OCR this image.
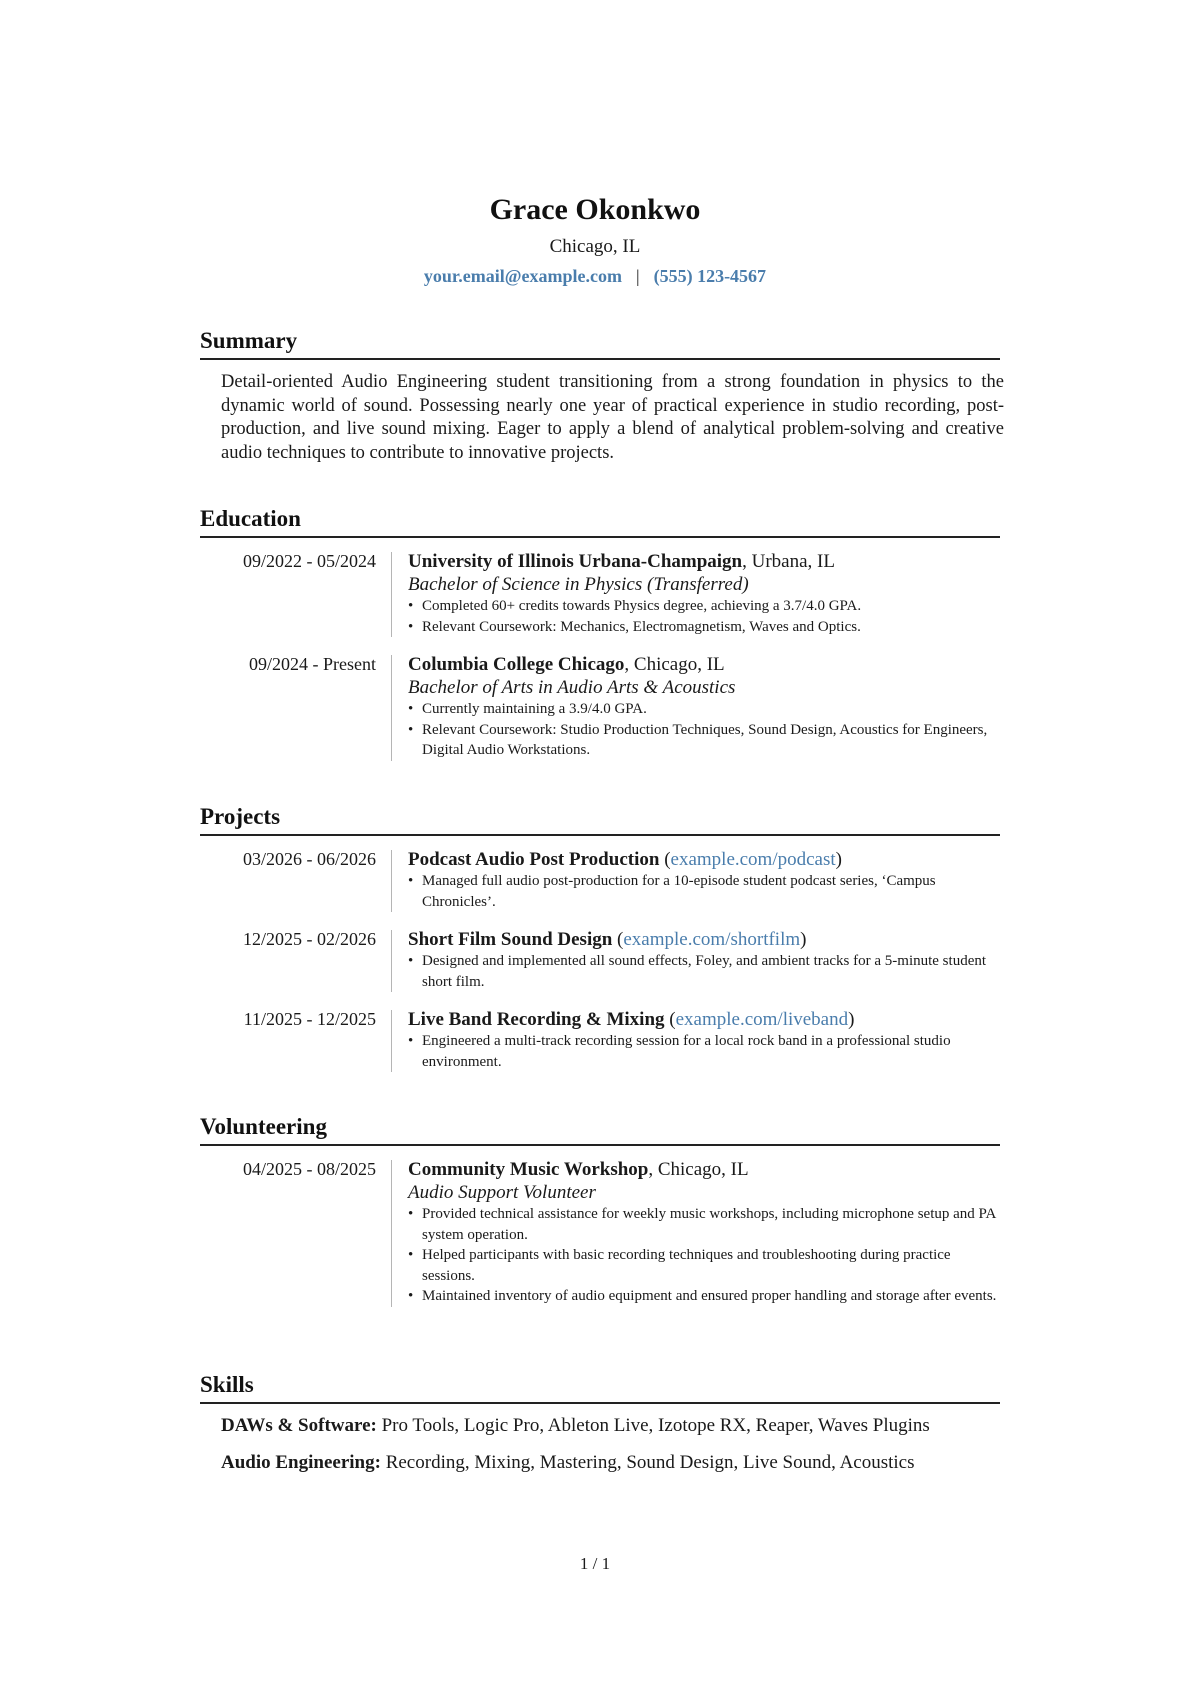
Grace Okonkwo
Chicago, IL
your.email@example.com | (555) 123-4567
Summary
Detail-oriented Audio Engineering student transitioning from a strong foundation in physics to the dynamic world of sound. Possessing nearly one year of practical experience in studio recording, post-production, and live sound mixing. Eager to apply a blend of analytical problem-solving and creative audio techniques to contribute to innovative projects.
Education
09/2022 - 05/2024 University of Illinois Urbana-Champaign, Urbana, IL
Bachelor of Science in Physics (Transferred)
• Completed 60+ credits towards Physics degree, achieving a 3.7/4.0 GPA.
• Relevant Coursework: Mechanics, Electromagnetism, Waves and Optics.
09/2024 - Present Columbia College Chicago, Chicago, IL
Bachelor of Arts in Audio Arts & Acoustics
• Currently maintaining a 3.9/4.0 GPA.
• Relevant Coursework: Studio Production Techniques, Sound Design, Acoustics for Engineers, Digital Audio Workstations.
Projects
03/2026 - 06/2026 Podcast Audio Post Production (example.com/podcast)
• Managed full audio post-production for a 10-episode student podcast series, ‘Campus Chronicles’.
12/2025 - 02/2026 Short Film Sound Design (example.com/shortfilm)
• Designed and implemented all sound effects, Foley, and ambient tracks for a 5-minute student short film.
11/2025 - 12/2025 Live Band Recording & Mixing (example.com/liveband)
• Engineered a multi-track recording session for a local rock band in a professional studio environment.
Volunteering
04/2025 - 08/2025 Community Music Workshop, Chicago, IL
Audio Support Volunteer
• Provided technical assistance for weekly music workshops, including microphone setup and PA system operation.
• Helped participants with basic recording techniques and troubleshooting during practice sessions.
• Maintained inventory of audio equipment and ensured proper handling and storage after events.
Skills
DAWs & Software: Pro Tools, Logic Pro, Ableton Live, Izotope RX, Reaper, Waves Plugins
Audio Engineering: Recording, Mixing, Mastering, Sound Design, Live Sound, Acoustics
1 / 1
